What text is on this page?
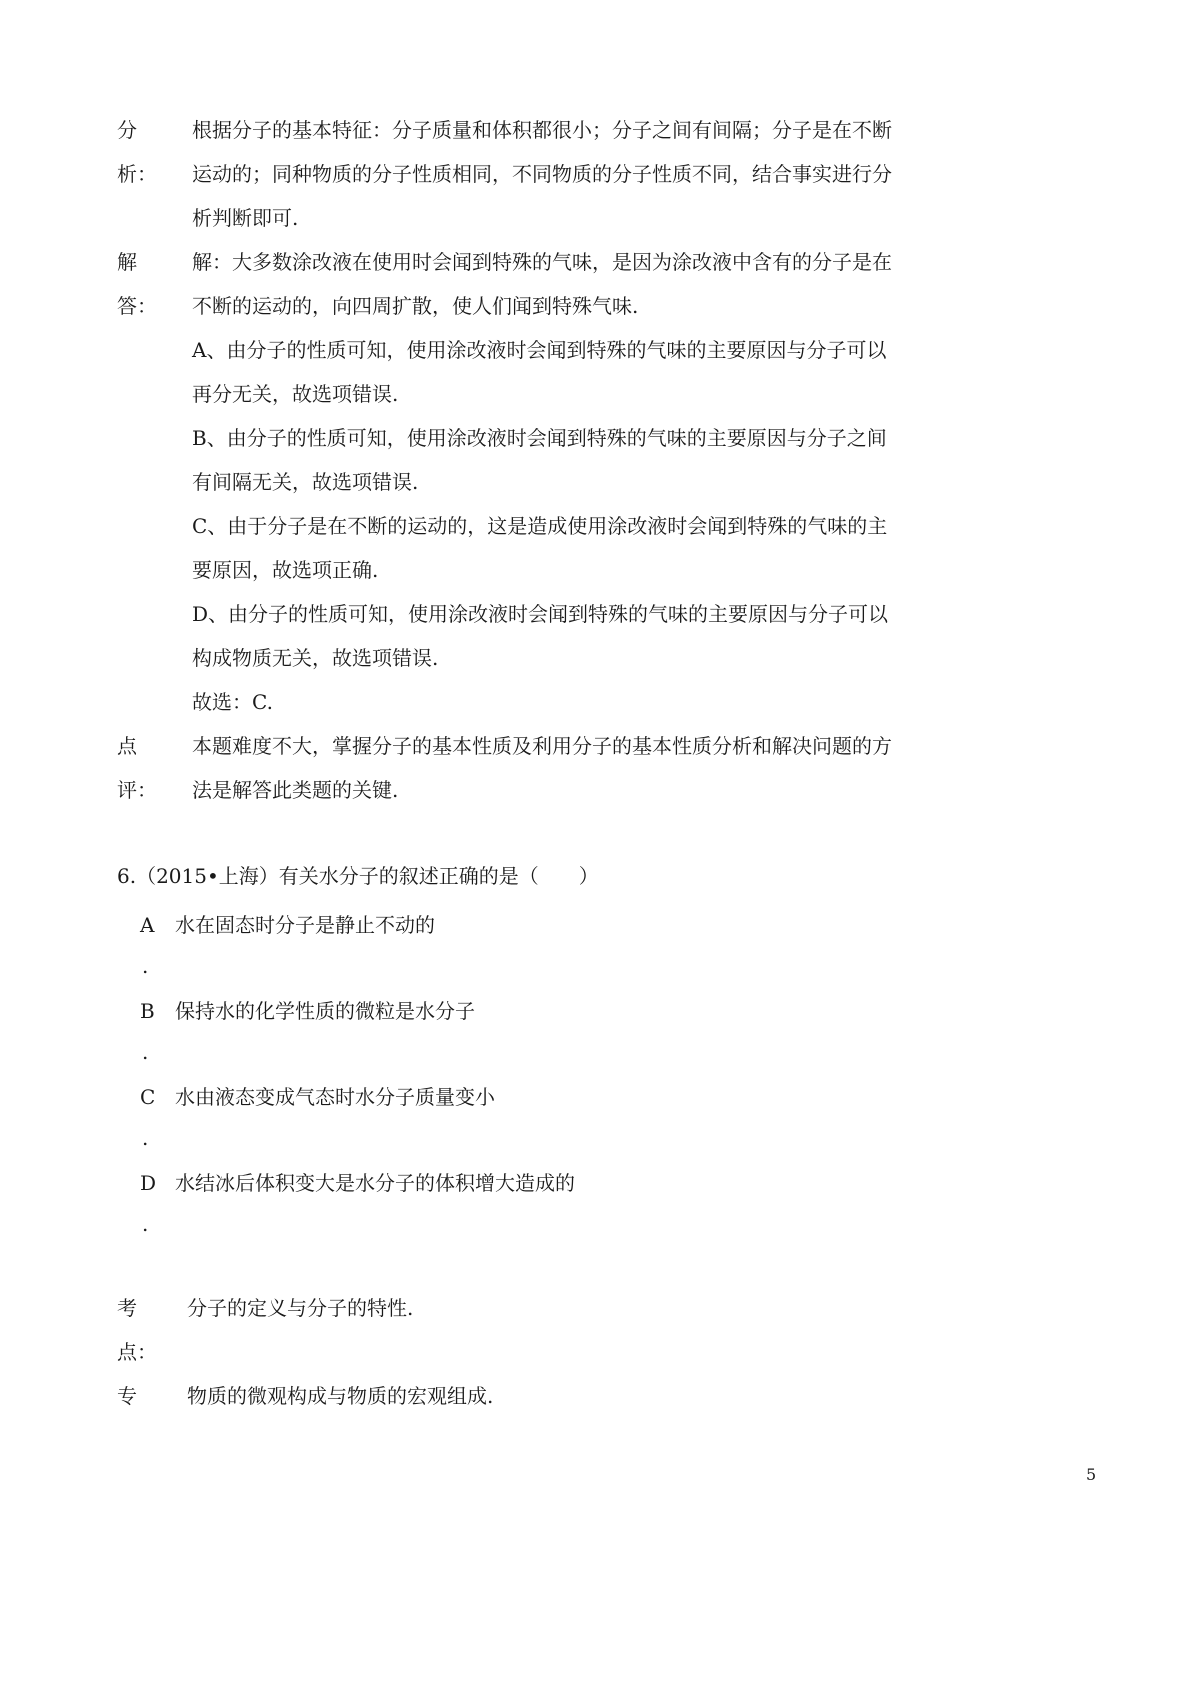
分
析：
根据分子的基本特征：分子质量和体积都很小；分子之间有间隔；分子是在不断
运动的；同种物质的分子性质相同，不同物质的分子性质不同，结合事实进行分
析判断即可.
解
答：
解：大多数涂改液在使用时会闻到特殊的气味，是因为涂改液中含有的分子是在
不断的运动的，向四周扩散，使人们闻到特殊气味.
A、由分子的性质可知，使用涂改液时会闻到特殊的气味的主要原因与分子可以
再分无关，故选项错误.
B、由分子的性质可知，使用涂改液时会闻到特殊的气味的主要原因与分子之间
有间隔无关，故选项错误.
C、由于分子是在不断的运动的，这是造成使用涂改液时会闻到特殊的气味的主
要原因，故选项正确.
D、由分子的性质可知，使用涂改液时会闻到特殊的气味的主要原因与分子可以
构成物质无关，故选项错误.
故选：C.
点
评：
本题难度不大，掌握分子的基本性质及利用分子的基本性质分析和解决问题的方
法是解答此类题的关键.
6.（2015•上海）有关水分子的叙述正确的是（　　）
A 水在固态时分子是静止不动的
.
B 保持水的化学性质的微粒是水分子
.
C 水由液态变成气态时水分子质量变小
.
D 水结冰后体积变大是水分子的体积增大造成的
.
考
点：
分子的定义与分子的特性.
专	物质的微观构成与物质的宏观组成.
5
